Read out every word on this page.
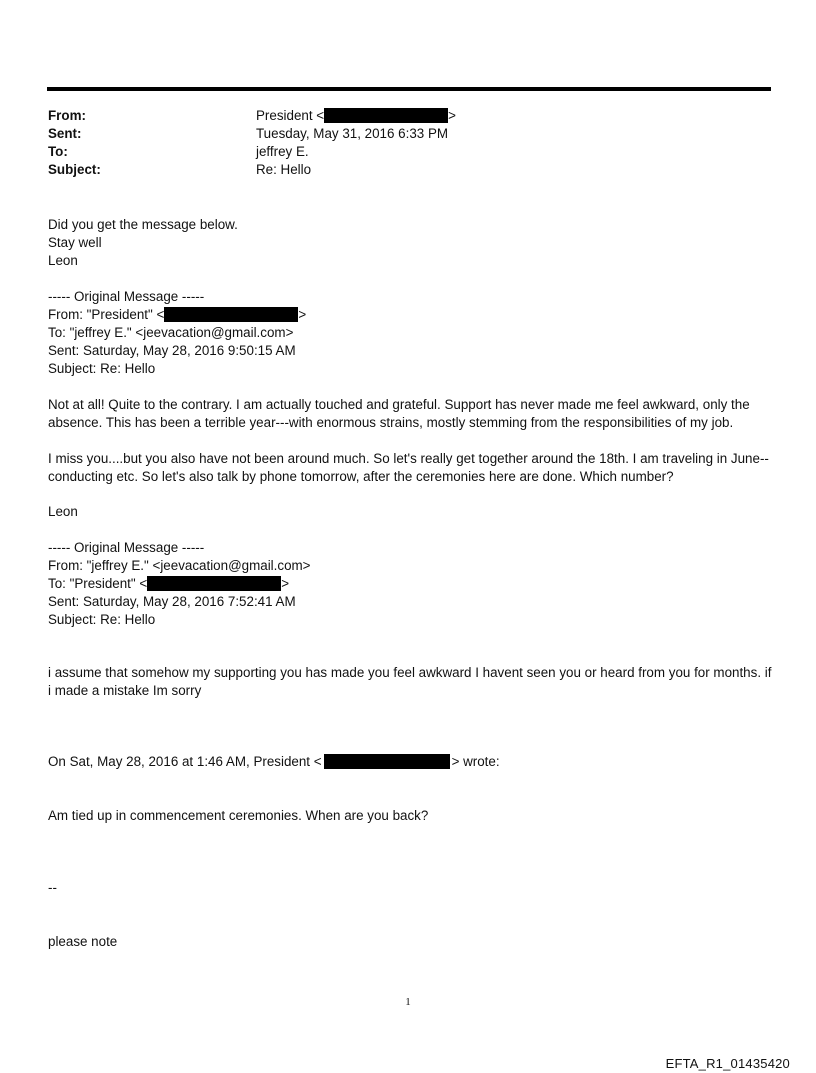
From:	President <	>
Sent:	Tuesday, May 31, 2016 6:33 PM
To:	jeffrey E.
Subject:	Re: Hello
Did you get the message below.
Stay well
Leon
----- Original Message -----
From: "President" <	>
To: "jeffrey E." <jeevacation@gmail.com>
Sent: Saturday, May 28, 2016 9:50:15 AM
Subject: Re: Hello
Not at all! Quite to the contrary. I am actually touched and grateful. Support has never made me feel awkward, only the absence. This has been a terrible year---with enormous strains, mostly stemming from the responsibilities of my job.
I miss you....but you also have not been around much. So let's really get together around the 18th. I am traveling in June--conducting etc. So let's also talk by phone tomorrow, after the ceremonies here are done. Which number?
Leon
----- Original Message -----
From: "jeffrey E." <jeevacation@gmail.com>
To: "President" <	>
Sent: Saturday, May 28, 2016 7:52:41 AM
Subject: Re: Hello
i assume that somehow my supporting you has made you feel awkward I havent seen you or heard from you for months. if i made a mistake Im sorry
On Sat, May 28, 2016 at 1:46 AM, President <	> wrote:
Am tied up in commencement ceremonies. When are you back?
--
please note
1
EFTA_R1_01435420
